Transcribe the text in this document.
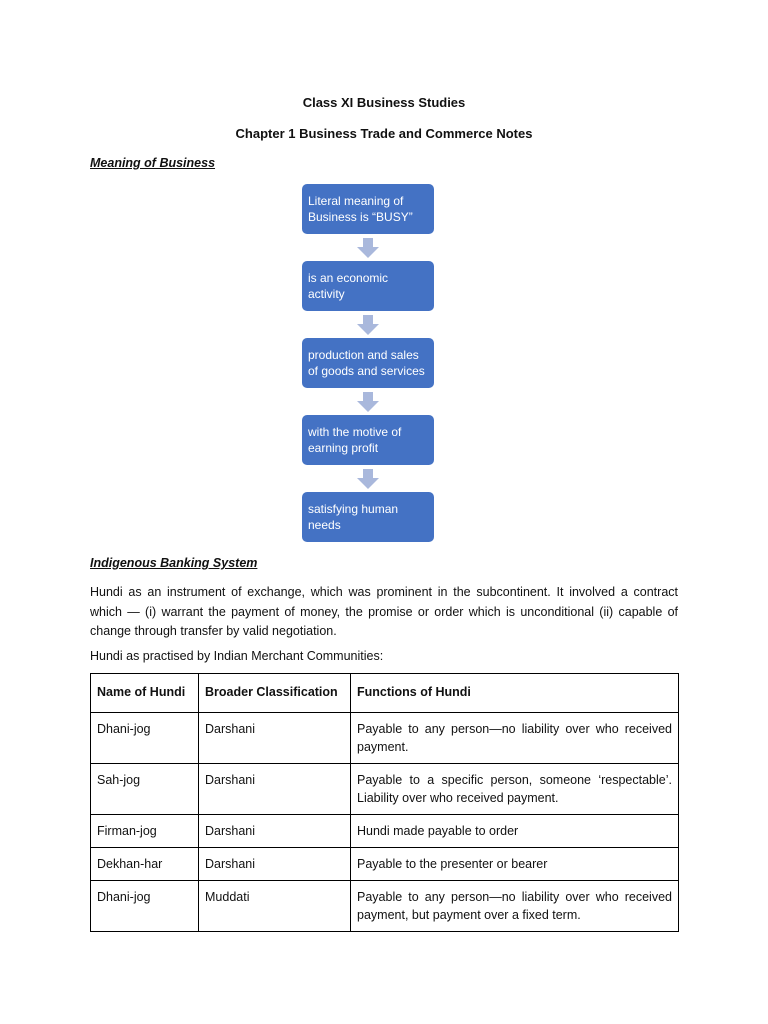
Class XI Business Studies
Chapter 1 Business Trade and Commerce Notes
Meaning of Business
Literal meaning of Business is “BUSY”
is an economic activity
production and sales of goods and services
with the motive of earning profit
satisfying human needs
Indigenous Banking System
Hundi as an instrument of exchange, which was prominent in the subcontinent. It involved a contract which — (i) warrant the payment of money, the promise or order which is unconditional (ii) capable of change through transfer by valid negotiation.
Hundi as practised by Indian Merchant Communities:
Name of Hundi	Broader Classification	Functions of Hundi
Dhani-jog	Darshani	Payable to any person—no liability over who received payment.
Sah-jog	Darshani	Payable to a specific person, someone ‘respectable’. Liability over who received payment.
Firman-jog	Darshani	Hundi made payable to order
Dekhan-har	Darshani	Payable to the presenter or bearer
Dhani-jog	Muddati	Payable to any person—no liability over who received payment, but payment over a fixed term.
